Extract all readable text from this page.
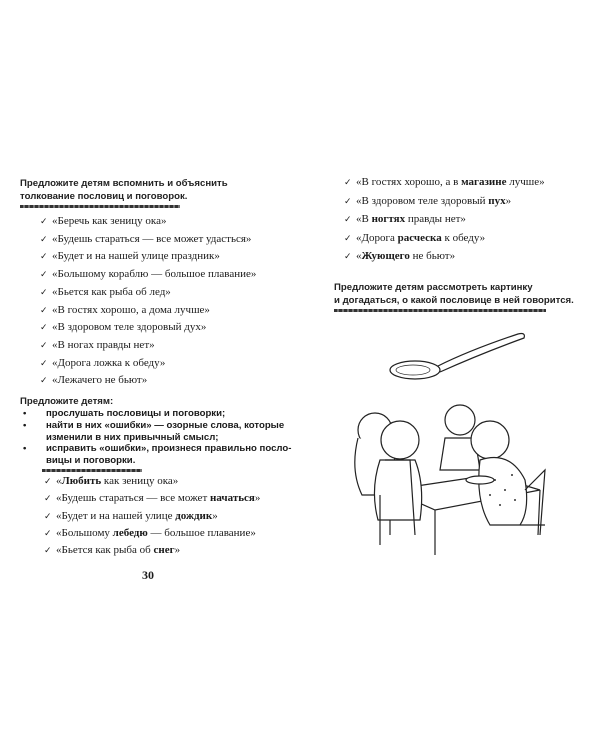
Предложите детям вспомнить и объяснить
толкование пословиц и поговорок.
✓ «Беречь как зеницу ока»
✓ «Будешь стараться — все может удасться»
✓ «Будет и на нашей улице праздник»
✓ «Большому кораблю — большое плавание»
✓ «Бьется как рыба об лед»
✓ «В гостях хорошо, а дома лучше»
✓ «В здоровом теле здоровый дух»
✓ «В ногах правды нет»
✓ «Дорога ложка к обеду»
✓ «Лежачего не бьют»
Предложите детям:
• прослушать пословицы и поговорки;
• найти в них «ошибки» — озорные слова, которые
изменили в них привычный смысл;
• исправить «ошибки», произнеся правильно посло-
вицы и поговорки.
✓ «Любить как зеницу ока»
✓ «Будешь стараться — все может начаться»
✓ «Будет и на нашей улице дождик»
✓ «Большому лебедю — большое плавание»
✓ «Бьется как рыба об снег»
30
✓ «В гостях хорошо, а в магазине лучше»
✓ «В здоровом теле здоровый пух»
✓ «В ногтях правды нет»
✓ «Дорога расческа к обеду»
✓ «Жующего не бьют»
Предложите детям рассмотреть картинку
и догадаться, о какой пословице в ней говорится.
